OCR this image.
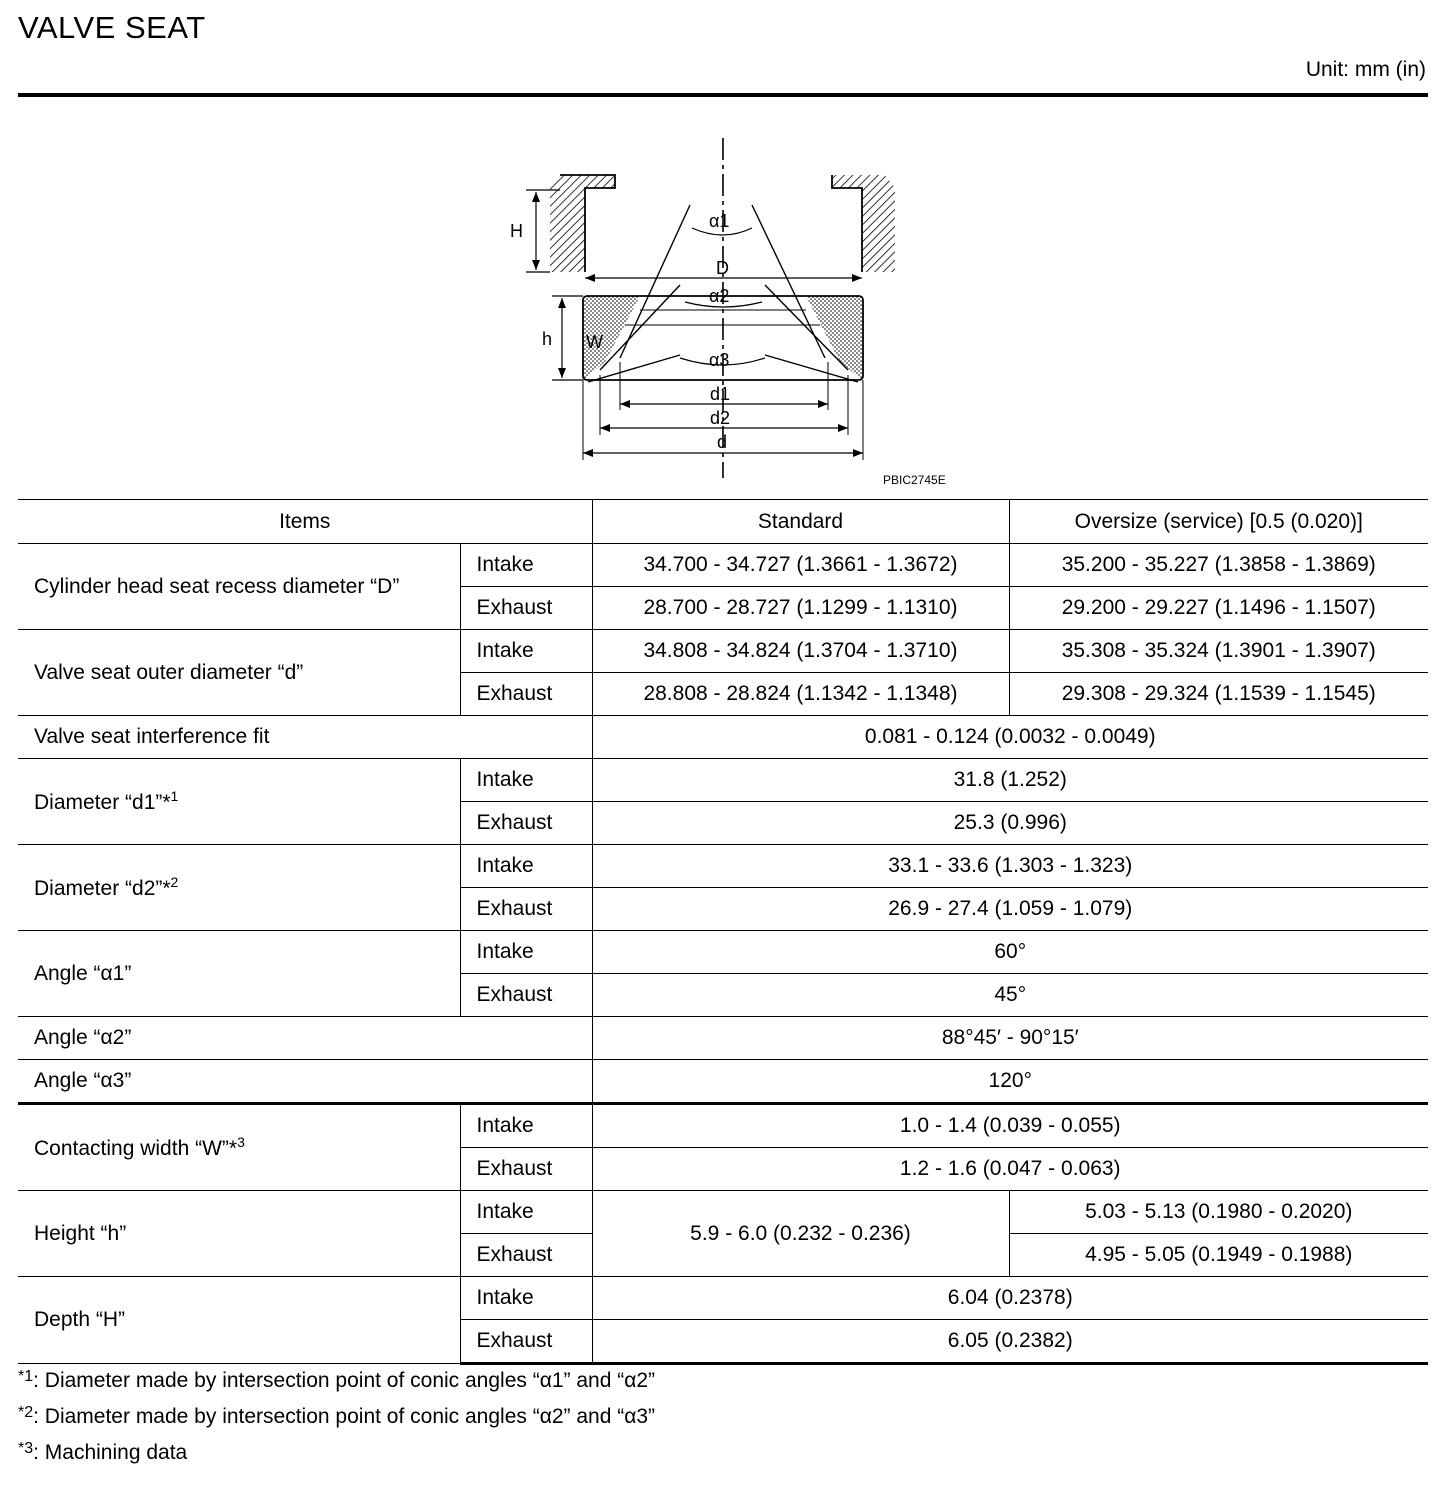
VALVE SEAT
Unit: mm (in)
H
D
α1
α2
α3
h W
d1
d2
d
PBIC2745E
Items		Standard	Oversize (service) [0.5 (0.020)]
Cylinder head seat recess diameter “D”	Intake	34.700 - 34.727 (1.3661 - 1.3672)	35.200 - 35.227 (1.3858 - 1.3869)
	Exhaust	28.700 - 28.727 (1.1299 - 1.1310)	29.200 - 29.227 (1.1496 - 1.1507)
Valve seat outer diameter “d”	Intake	34.808 - 34.824 (1.3704 - 1.3710)	35.308 - 35.324 (1.3901 - 1.3907)
	Exhaust	28.808 - 28.824 (1.1342 - 1.1348)	29.308 - 29.324 (1.1539 - 1.1545)
Valve seat interference fit		0.081 - 0.124 (0.0032 - 0.0049)	
Diameter “d1”*$^1$	Intake	31.8 (1.252)	
	Exhaust	25.3 (0.996)	
Diameter “d2”*$^2$	Intake	33.1 - 33.6 (1.303 - 1.323)	
	Exhaust	26.9 - 27.4 (1.059 - 1.079)	
Angle “α1”	Intake	60°	
	Exhaust	45°	
Angle “α2”		88°45′ - 90°15′	
Angle “α3”		120°	
Contacting width “W”*$^3$	Intake	1.0 - 1.4 (0.039 - 0.055)	
	Exhaust	1.2 - 1.6 (0.047 - 0.063)	
Height “h”	Intake	5.9 - 6.0 (0.232 - 0.236)	5.03 - 5.13 (0.1980 - 0.2020)
	Exhaust		4.95 - 5.05 (0.1949 - 0.1988)
Depth “H”	Intake	6.04 (0.2378)	
	Exhaust	6.05 (0.2382)	
$^{*1}$: Diameter made by intersection point of conic angles “α1” and “α2”
$^{*2}$: Diameter made by intersection point of conic angles “α2” and “α3”
$^{*3}$: Machining data
